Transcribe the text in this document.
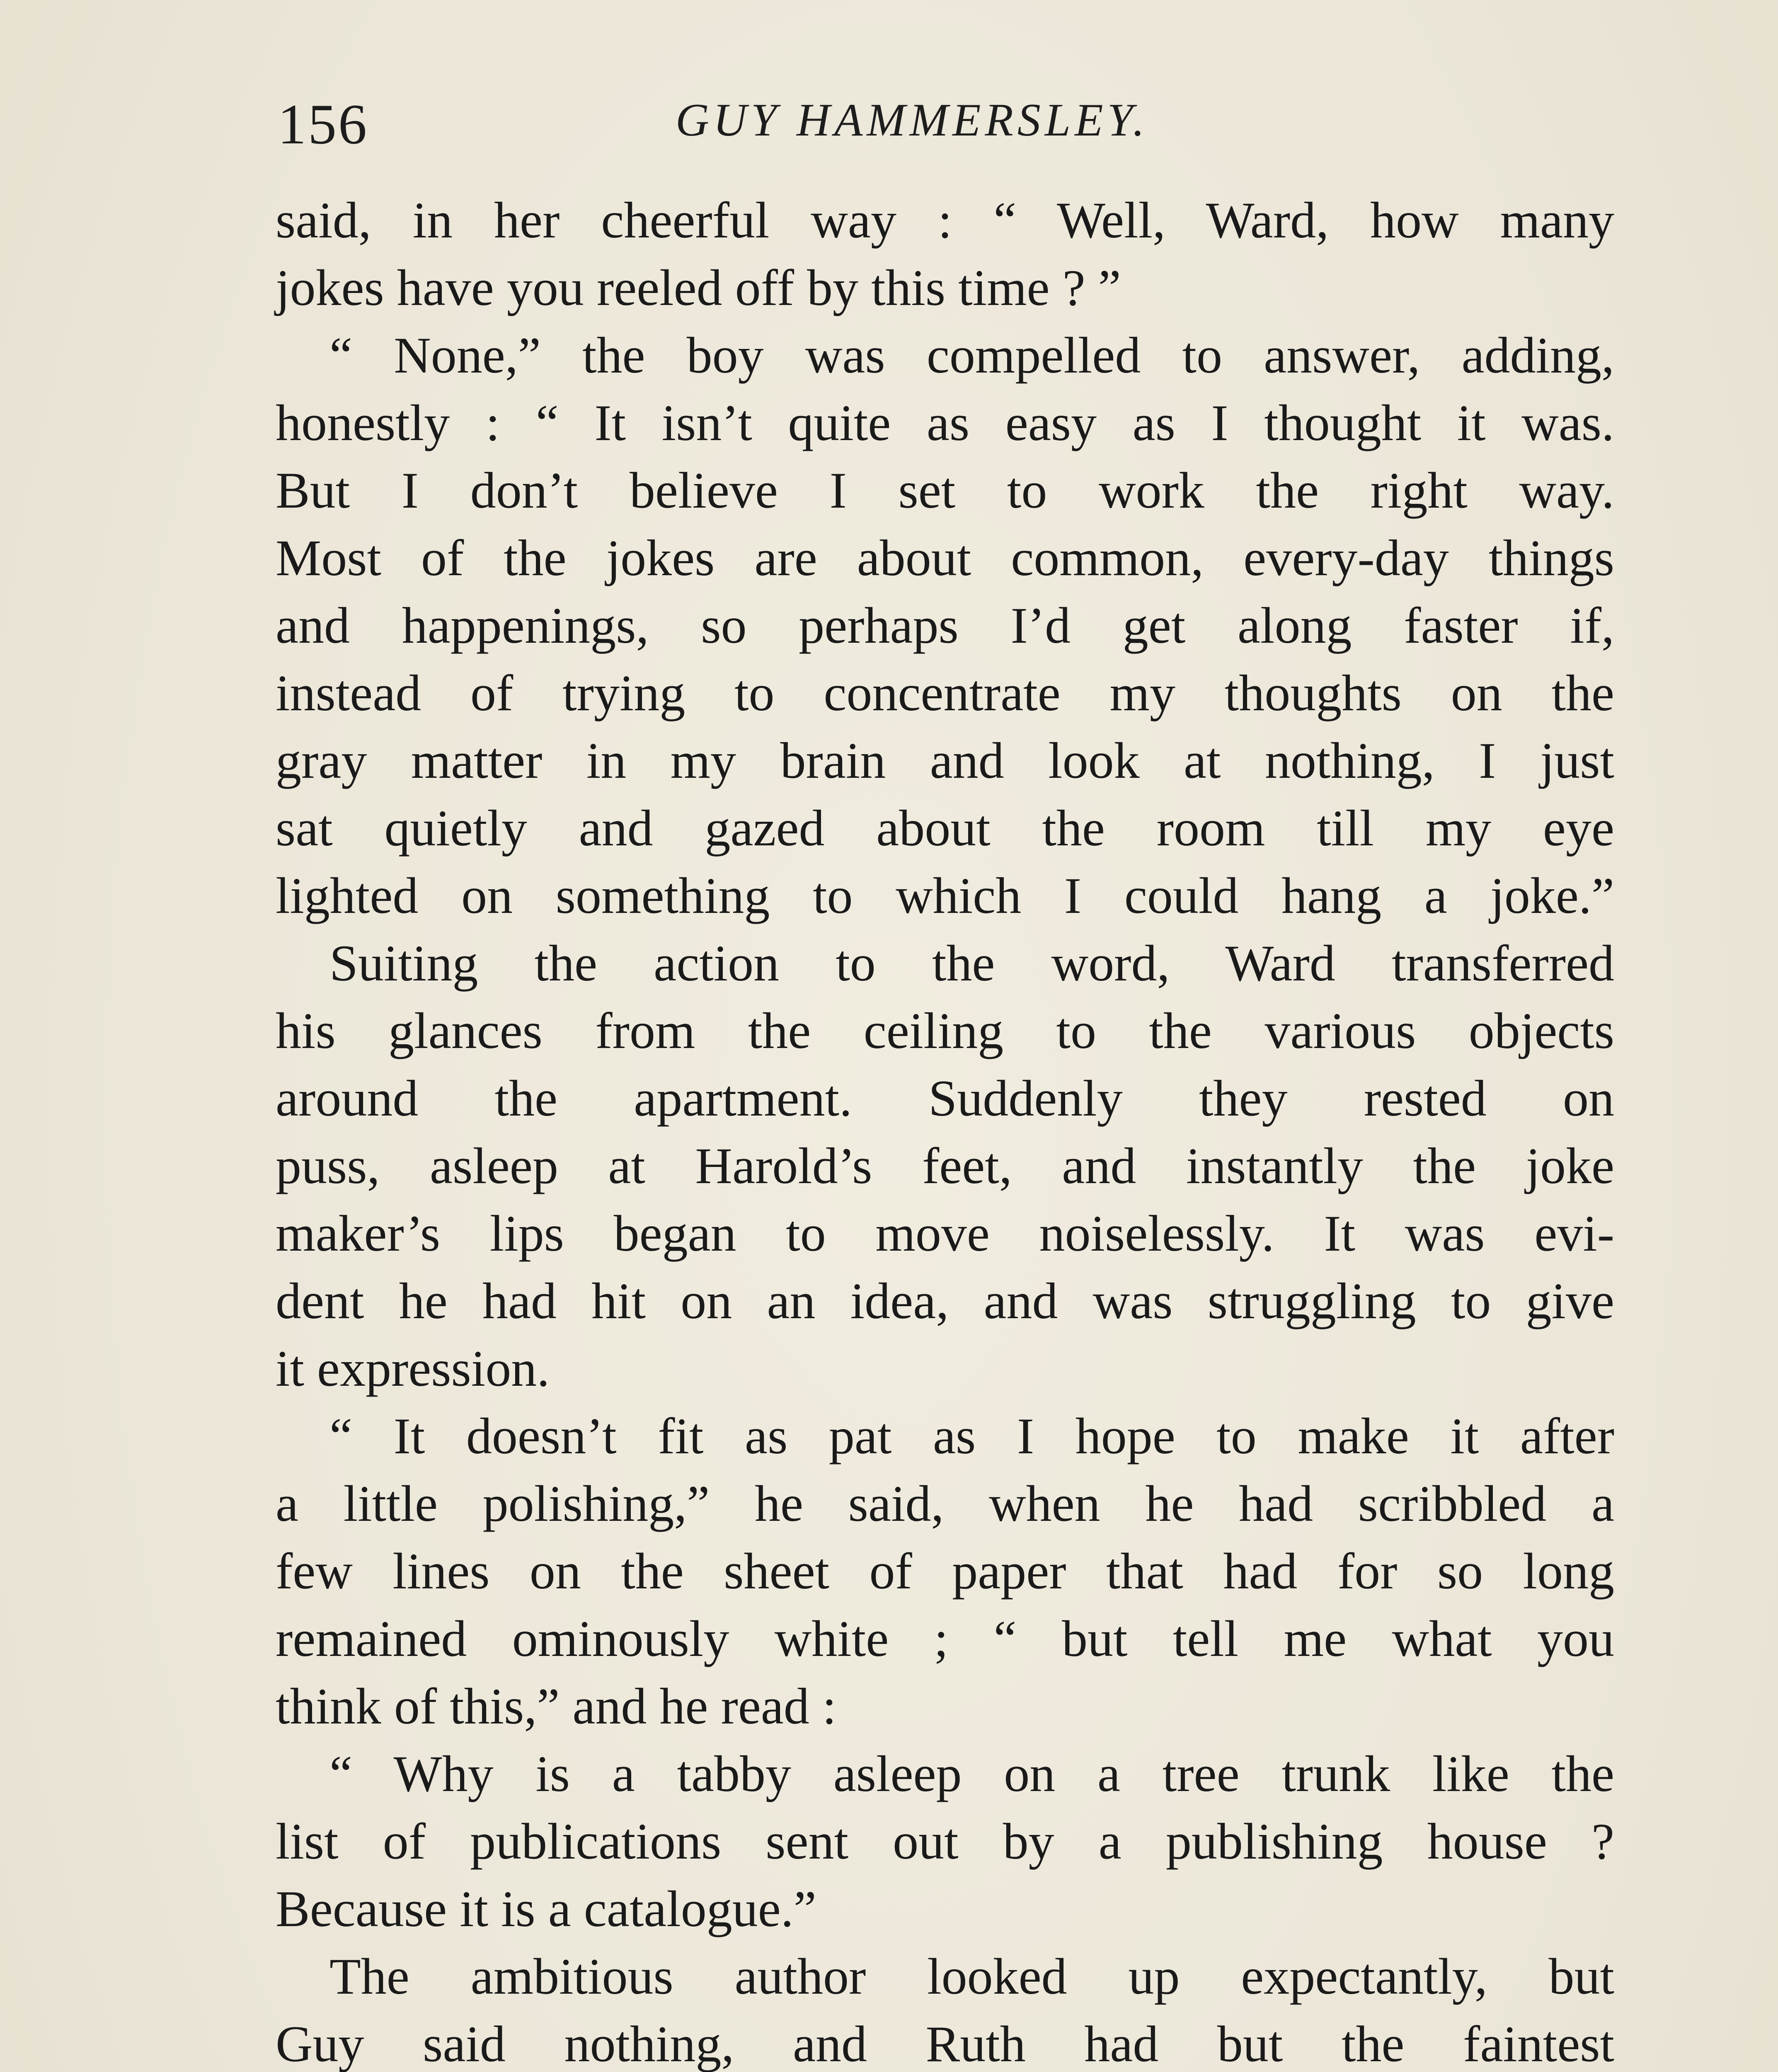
156	GUY HAMMERSLEY.
said, in her cheerful way : “ Well, Ward, how many
jokes have you reeled off by this time ? ”
“ None,” the boy was compelled to answer, adding,
honestly : “ It isn’t quite as easy as I thought it was.
But I don’t believe I set to work the right way.
Most of the jokes are about common, every-day things
and happenings, so perhaps I’d get along faster if,
instead of trying to concentrate my thoughts on the
gray matter in my brain and look at nothing, I just
sat quietly and gazed about the room till my eye
lighted on something to which I could hang a joke.”
Suiting the action to the word, Ward transferred
his glances from the ceiling to the various objects
around the apartment. Suddenly they rested on
puss, asleep at Harold’s feet, and instantly the joke
maker’s lips began to move noiselessly. It was evi-
dent he had hit on an idea, and was struggling to give
it expression.
“ It doesn’t fit as pat as I hope to make it after
a little polishing,” he said, when he had scribbled a
few lines on the sheet of paper that had for so long
remained ominously white ; “ but tell me what you
think of this,” and he read :
“ Why is a tabby asleep on a tree trunk like the
list of publications sent out by a publishing house ?
Because it is a catalogue.”
The ambitious author looked up expectantly, but
Guy said nothing, and Ruth had but the faintest
